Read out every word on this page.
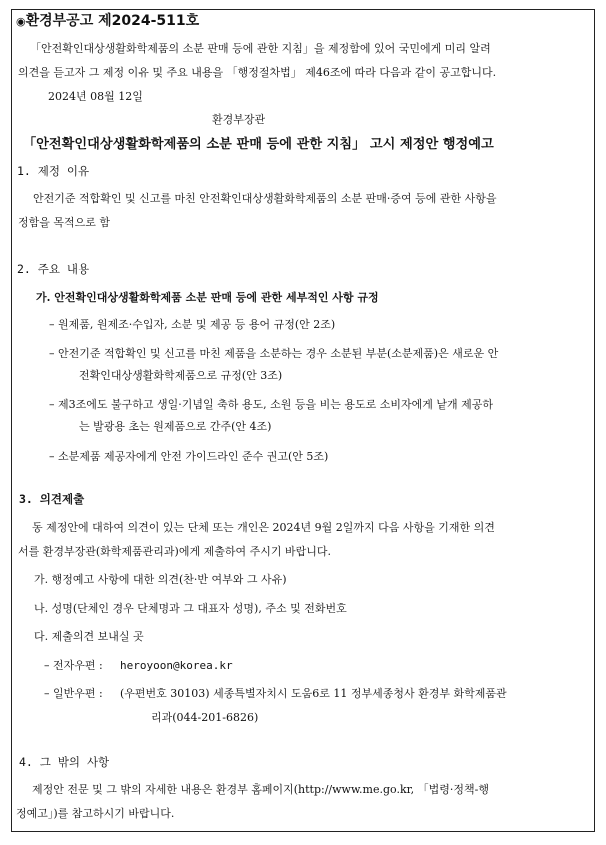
◉환경부공고 제2024-511호
「안전확인대상생활화학제품의 소분 판매 등에 관한 지침」을 제정함에 있어 국민에게 미리 알려
의견을 듣고자 그 제정 이유 및 주요 내용을 「행정절차법」 제46조에 따라 다음과 같이 공고합니다.
2024년 08월 12일
환경부장관
「안전확인대상생활화학제품의 소분 판매 등에 관한 지침」 고시 제정안 행정예고
1. 제정 이유
안전기준 적합확인 및 신고를 마친 안전확인대상생활화학제품의 소분 판매·증여 등에 관한 사항을
정함을 목적으로 함
2. 주요 내용
가. 안전확인대상생활화학제품 소분 판매 등에 관한 세부적인 사항 규정
– 원제품, 원제조·수입자, 소분 및 제공 등 용어 규정(안 2조)
– 안전기준 적합확인 및 신고를 마친 제품을 소분하는 경우 소분된 부분(소분제품)은 새로운 안
전확인대상생활화학제품으로 규정(안 3조)
– 제3조에도 불구하고 생일·기념일 축하 용도, 소원 등을 비는 용도로 소비자에게 낱개 제공하
는 발광용 초는 원제품으로 간주(안 4조)
– 소분제품 제공자에게 안전 가이드라인 준수 권고(안 5조)
3. 의견제출
동 제정안에 대하여 의견이 있는 단체 또는 개인은 2024년 9월 2일까지 다음 사항을 기재한 의견
서를 환경부장관(화학제품관리과)에게 제출하여 주시기 바랍니다.
가. 행정예고 사항에 대한 의견(찬·반 여부와 그 사유)
나. 성명(단체인 경우 단체명과 그 대표자 성명), 주소 및 전화번호
다. 제출의견 보내실 곳
– 전자우편 : heroyoon@korea.kr
– 일반우편 : (우편번호 30103) 세종특별자치시 도움6로 11 정부세종청사 환경부 화학제품관
리과(044-201-6826)
4. 그 밖의 사항
제정안 전문 및 그 밖의 자세한 내용은 환경부 홈페이지(http://www.me.go.kr, 「법령·정책-행
정예고」)를 참고하시기 바랍니다.
